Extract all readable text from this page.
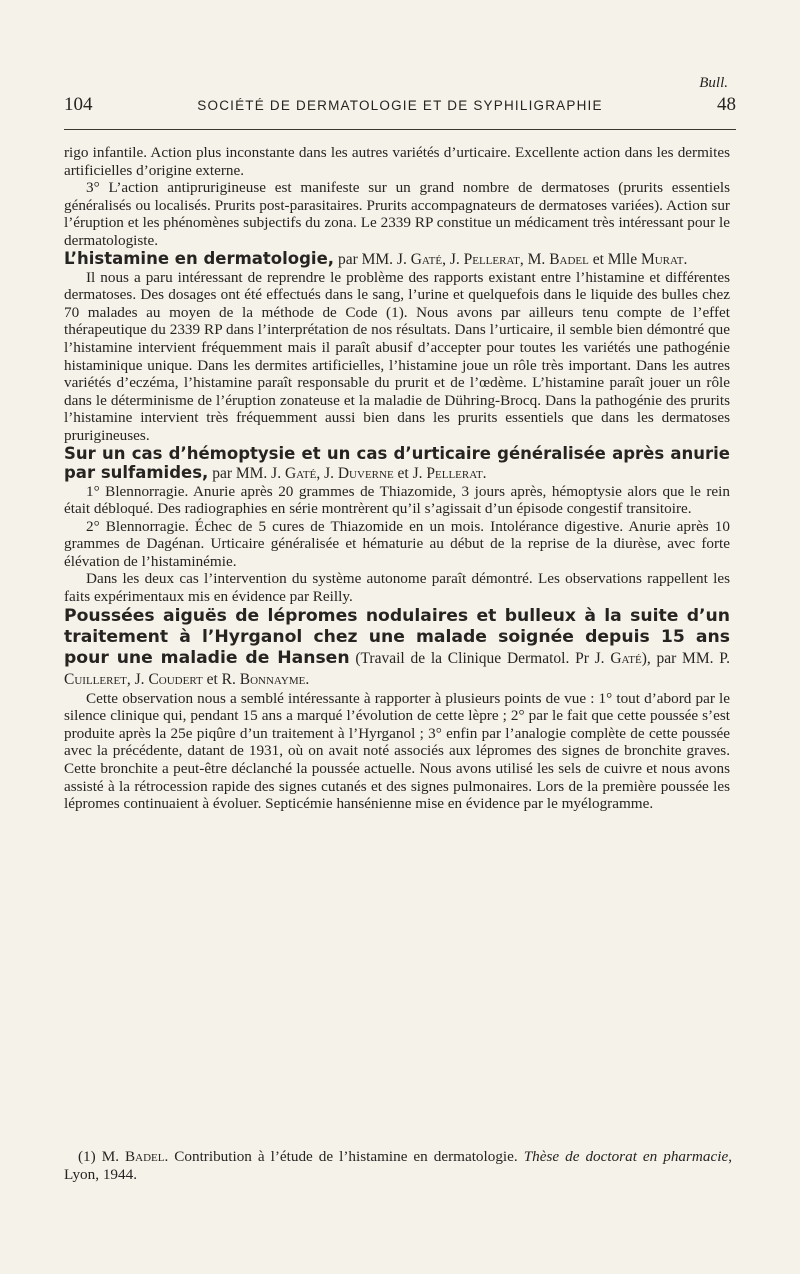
Bull.
104	SOCIÉTÉ DE DERMATOLOGIE ET DE SYPHILIGRAPHIE	48

rigo infantile. Action plus inconstante dans les autres variétés d’urticaire. Excellente action dans les dermites artificielles d’origine externe.

3° L’action antiprurigineuse est manifeste sur un grand nombre de dermatoses (prurits essentiels généralisés ou localisés. Prurits post-parasitaires. Prurits accompagnateurs de dermatoses variées). Action sur l’éruption et les phénomènes subjectifs du zona. Le 2339 RP constitue un médicament très intéressant pour le dermatologiste.

L’histamine en dermatologie, par MM. J. Gaté, J. Pellerat, M. Badel et Mlle Murat.

Il nous a paru intéressant de reprendre le problème des rapports existant entre l’histamine et différentes dermatoses. Des dosages ont été effectués dans le sang, l’urine et quelquefois dans le liquide des bulles chez 70 malades au moyen de la méthode de Code (1). Nous avons par ailleurs tenu compte de l’effet thérapeutique du 2339 RP dans l’interprétation de nos résultats. Dans l’urticaire, il semble bien démontré que l’histamine intervient fréquemment mais il paraît abusif d’accepter pour toutes les variétés une pathogénie histaminique unique. Dans les dermites artificielles, l’histamine joue un rôle très important. Dans les autres variétés d’eczéma, l’histamine paraît responsable du prurit et de l’œdème. L’histamine paraît jouer un rôle dans le déterminisme de l’éruption zonateuse et la maladie de Dühring-Brocq. Dans la pathogénie des prurits l’histamine intervient très fréquemment aussi bien dans les prurits essentiels que dans les dermatoses prurigineuses.

Sur un cas d’hémoptysie et un cas d’urticaire généralisée après anurie par sulfamides, par MM. J. Gaté, J. Duverne et J. Pellerat.

1° Blennorragie. Anurie après 20 grammes de Thiazomide, 3 jours après, hémoptysie alors que le rein était débloqué. Des radiographies en série montrèrent qu’il s’agissait d’un épisode congestif transitoire.

2° Blennorragie. Échec de 5 cures de Thiazomide en un mois. Intolérance digestive. Anurie après 10 grammes de Dagénan. Urticaire généralisée et hématurie au début de la reprise de la diurèse, avec forte élévation de l’histaminémie.

Dans les deux cas l’intervention du système autonome paraît démontré. Les observations rappellent les faits expérimentaux mis en évidence par Reilly.

Poussées aiguës de lépromes nodulaires et bulleux à la suite d’un traitement à l’Hyrganol chez une malade soignée depuis 15 ans pour une maladie de Hansen (Travail de la Clinique Dermatol. Pr J. Gaté), par MM. P. Cuilleret, J. Coudert et R. Bonnayme.

Cette observation nous a semblé intéressante à rapporter à plusieurs points de vue : 1° tout d’abord par le silence clinique qui, pendant 15 ans a marqué l’évolution de cette lèpre ; 2° par le fait que cette poussée s’est produite après la 25e piqûre d’un traitement à l’Hyrganol ; 3° enfin par l’analogie complète de cette poussée avec la précédente, datant de 1931, où on avait noté associés aux lépromes des signes de bronchite graves. Cette bronchite a peut-être déclanché la poussée actuelle. Nous avons utilisé les sels de cuivre et nous avons assisté à la rétrocession rapide des signes cutanés et des signes pulmonaires. Lors de la première poussée les lépromes continuaient à évoluer. Septicémie hansénienne mise en évidence par le myélogramme.

(1) M. Badel. Contribution à l’étude de l’histamine en dermatologie. Thèse de doctorat en pharmacie, Lyon, 1944.
